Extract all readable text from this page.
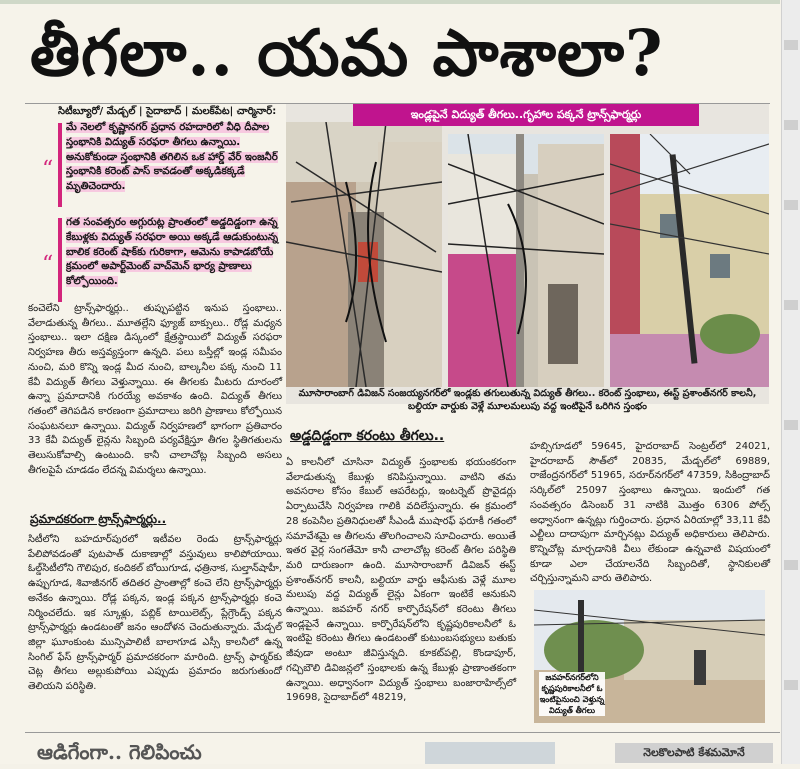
తీగలా.. యమ పాశాలా?
సిటీబ్యూరో/ మేడ్చల్ | సైదాబాద్ | మలక్‌పేట| చార్మినార్:
“
మే నెలలో కృష్ణానగర్ ప్రధాన రహదారిలో వీధి దీపాల స్తంభానికి విద్యుత్ సరఫరా తీగలు ఉన్నాయి. అనుకోకుండా స్తంభానికి తగిలిన ఒక హార్డ్ వేర్ ఇంజనీర్ స్తంభానికి కరెంట్ పాస్ కావడంతో అక్కడికక్కడే మృతిచెందారు.
“
గత సంవత్సరం అగ్గురుట్ల ప్రాంతంలో అడ్డదిడ్డంగా ఉన్న కేబుళ్లకు విద్యుత్ సరఫరా అయి అక్కడే ఆడుకుంటున్న బాలిక కరెంట్ షాక్‌కు గురికాగా, ఆమెను కాపాడబోయే క్రమంలో అపార్ట్‌మెంట్ వాచ్‌మెన్ భార్య ప్రాణాలు కోల్పోయింది.
కంచెలేని ట్రాన్స్‌ఫార్మర్లు.. తుప్పుపట్టిన ఇనుప స్తంభాలు.. వేలాడుతున్న తీగలు.. మూతల్లేని ఫ్యూజ్ బాక్సులు.. రోడ్ల మధ్యన స్తంభాలు.. ఇలా దక్షిణ డిస్కంలో క్షేత్రస్థాయిలో విద్యుత్ సరఫరా నిర్వహణ తీరు అస్తవ్యస్తంగా ఉన్నది. పలు బస్తీల్లో ఇండ్ల సమీపం నుంచి, మరి కొన్ని ఇండ్ల మీద నుంచి, బాల్కనీల పక్క నుంచి 11 కేవీ విద్యుత్ తీగలు వెళ్తున్నాయి. ఈ తీగలకు మీటరు దూరంలో ఉన్నా ప్రమాదానికి గురయ్యే అవకాశం ఉంది. విద్యుత్ తీగలు గతంలో తెగిపడిన కారణంగా ప్రమాదాలు జరిగి ప్రాణాలు కోల్పోయిన సంఘటనలూ ఉన్నాయి. విద్యుత్ నిర్వహణలో భాగంగా ప్రతివారం 33 కేవీ విద్యుత్ లైన్లను సిబ్బంది పర్యవేక్షిస్తూ తీగల స్థితిగతులను తెలుసుకోవాల్సి ఉంటుంది. కానీ చాలాచోట్ల సిబ్బంది అసలు తీగలపైపే చూడడం లేదన్న విమర్శలు ఉన్నాయి.
ప్రమాదకరంగా ట్రాన్స్‌ఫార్మర్లు..
సిటీలోని బహదూర్‌పురలో ఇటీవల రెండు ట్రాన్స్‌ఫార్మర్లు పేలిపోవడంతో పుటపాత్ దుకాణాల్లో వస్తువులు కాలిపోయాయి. ఓల్డ్‌సిటీలోని గౌలిపుర, కందికల్ బోయిగూడ, ఛత్రినాక, సుల్తాన్‌షాహీ, ఉప్పుగూడ, శివాజీనగర్ తదితర ప్రాంతాల్లో కంచె లేని ట్రాన్స్‌ఫార్మర్లు అనేకం ఉన్నాయి. రోడ్ల పక్కన, ఇండ్ల పక్కన ట్రాన్స్‌ఫార్మర్లు కంచె నిర్మించలేదు. ఇక స్కూళ్లు, పబ్లిక్ టాయిలెట్స్, ప్లేగ్రౌండ్స్ పక్కన ట్రాన్స్‌ఫార్మర్లు ఉండటంతో జనం ఆందోళన చెందుతున్నారు. మేడ్చల్ జిల్లా ఘూంకుంట మున్సిపాలిటీ బాలాగూడ ఎస్సీ కాలనీలో ఉన్న సింగిల్ ఫేస్ ట్రాన్స్‌ఫార్మర్ ప్రమాదకరంగా మారింది. ట్రాన్స్ ఫార్మర్‌కు చెట్ల తీగలు అల్లుకుపోయి ఎప్పుడు ప్రమాదం జరుగుతుందో తెలియని పరిస్థితి.
ఇండ్లపైనే విద్యుత్ తీగలు..గృహాల పక్కనే ట్రాన్స్‌ఫార్మర్లు
మూసారాంబాగ్ డివిజన్ సంజయ్యనగర్‌లో ఇండ్లకు తగులుతున్న విద్యుత్ తీగలు.. కరెంట్ స్తంభాలు, ఈస్ట్ ప్రశాంత్‌నగర్ కాలనీ, బల్దియా వార్డుకు వెళ్లే మూలమలుపు వద్ద ఇంటిపైనే ఒరిగిన స్తంభం
అడ్డదిడ్డంగా కరంటు తీగలు..
ఏ కాలనీలో చూసినా విద్యుత్ స్తంభాలకు భయంకరంగా వేలాడుతున్న కేబుళ్లు కనిపిస్తున్నాయి. వాటిని తమ అవసరాల కోసం కేబుల్ ఆపరేటర్లు, ఇంటర్నెట్ ప్రొవైడర్లు ఏర్పాటుచేసి నిర్వహణ గాలికి వదిలేస్తున్నారు. ఈ క్రమంలో 28 కంపెనీల ప్రతినిధులతో సీఎండీ ముషారఫ్ ఫరూకీ గతంలో సమావేశమై ఆ తీగలను తొలగించాలని సూచించారు. అయితే ఇతర వైర్ల సంగతేమో కానీ చాలాచోట్ల కరెంట్ తీగల పరిస్థితి మరి దారుణంగా ఉంది. మూసారాంబాగ్ డివిజన్ ఈస్ట్ ప్రశాంత్‌నగర్ కాలనీ, బల్దియా వార్డు ఆఫీసుకు వెళ్లే మూల మలుపు వద్ద విద్యుత్ లైన్లు ఏకంగా ఇంటికే ఆనుకుని ఉన్నాయి. జవహర్ నగర్ కార్పొరేషన్‌లో కరెంటు తీగలు ఇండ్లపైనే ఉన్నాయి. కార్పొరేషన్‌లోని కృష్ణపురికాలనీలో ఓ ఇంటిపై కరెంటు తీగలు ఉండటంతో కుటుంబసభ్యులు బతుకు జీవుడా అంటూ జీవిస్తున్నది. కూకట్‌పల్లి, కొండాపూర్, గచ్చిబౌలి డివిజన్లలో స్తంభాలకు ఉన్న కేబుళ్లు ప్రాణాంతకంగా ఉన్నాయి. అధ్వానంగా విద్యుత్ స్తంభాలు బంజారాహిల్స్‌లో 19698, సైదాబాద్‌లో 48219,
హబ్సిగూడలో 59645, హైదరాబాద్ సెంట్రల్‌లో 24021, హైదరాబాద్ సౌత్‌లో 20835, మేడ్చల్‌లో 69889, రాజేంద్రనగర్‌లో 51965, సరూర్‌నగర్‌లో 47359, సికింద్రాబాద్ సర్కిల్‌లో 25097 స్తంభాలు ఉన్నాయి. ఇందులో గత సంవత్సరం డిసెంబర్ 31 నాటికి మొత్తం 6306 పోల్స్ అధ్వానంగా ఉన్నట్లు గుర్తించారు. ప్రధాన ఏరియాల్లో 33,11 కేవీ ఎల్టీలు దాదాపుగా మార్చినట్లు విద్యుత్ అధికారులు తెలిపారు. కొన్నిచోట్ల మార్చడానికి వీలు లేకుండా ఉన్నవాటి విషయంలో కూడా ఎలా చేయాలనేది సిబ్బందితో, స్థానికులతో చర్చిస్తున్నామని వారు తెలిపారు.
జవహర్‌నగర్‌లోని కృష్ణపురికాలనీలో ఓ ఇంటిపైనుంచి వెళ్తున్న విద్యుత్ తీగలు
ఆడిగేంగా.. గెలిపించు	నెలకొలపాటి కేశమమోనే
